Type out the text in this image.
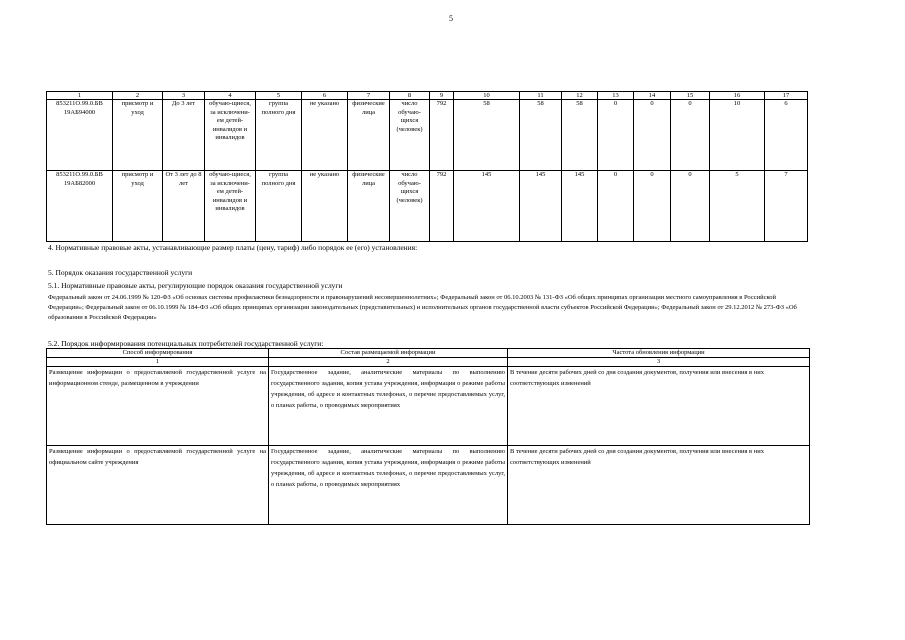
5
1	2	3	4	5	6	7	8	9	10	11	12	13	14	15	16	17
853211О.99.0.БВ 19АБ94000	присмотр и уход	До 3 лет	обучаю-щиеся, за исключени-ем детей-инвалидов и инвалидов	группа полного дня	не указано	физические лица	число обучаю-щихся (человек)	792	58	58	58	0	0	0	10	6
853211О.99.0.БВ 19АБ82000	присмотр и уход	От 3 лет до 8 лет	обучаю-щиеся, за исключени-ем детей-инвалидов и инвалидов	группа полного дня	не указано	физические лица	число обучаю-щихся (человек)	792	145	145	145	0	0	0	5	7
4. Нормативные правовые акты, устанавливающие размер платы (цену, тариф) либо порядок ее (его) установления:
5. Порядок оказания государственной услуги
5.1. Нормативные правовые акты, регулирующие порядок оказания государственной услуги
Федеральный закон от 24.06.1999 № 120-ФЗ «Об основах системы профилактики безнадзорности и правонарушений несовершеннолетних»; Федеральный закон от 06.10.2003 № 131-ФЗ «Об общих принципах организации местного самоуправления в Российской Федерации»; Федеральный закон от 06.10.1999 № 184-ФЗ «Об общих принципах организации законодательных (представительных) и исполнительных органов государственной власти субъектов Российской Федерации»; Федеральный закон от 29.12.2012 № 273-ФЗ «Об образовании в Российской Федерации»
5.2. Порядок информирования потенциальных потребителей государственной услуги:
Способ информирования	Состав размещаемой информации	Частота обновления информации
1	2	3
Размещение информации о предоставляемой государственной услуге на информационном стенде, размещенном в учреждении	Государственное задание, аналитические материалы по выполнению государственного задания, копия устава учреждения, информация о режиме работы учреждения, об адресе и контактных телефонах, о перечне предоставляемых услуг, о планах работы, о проводимых мероприятиях	В течение десяти рабочих дней со дня создания документов, получения или внесения в них соответствующих изменений
Размещение информации о предоставляемой государственной услуге на официальном сайте учреждения	Государственное задание, аналитические материалы по выполнению государственного задания, копия устава учреждения, информация о режиме работы учреждения, об адресе и контактных телефонах, о перечне предоставляемых услуг, о планах работы, о проводимых мероприятиях	В течение десяти рабочих дней со дня создания документов, получения или внесения в них соответствующих изменений
